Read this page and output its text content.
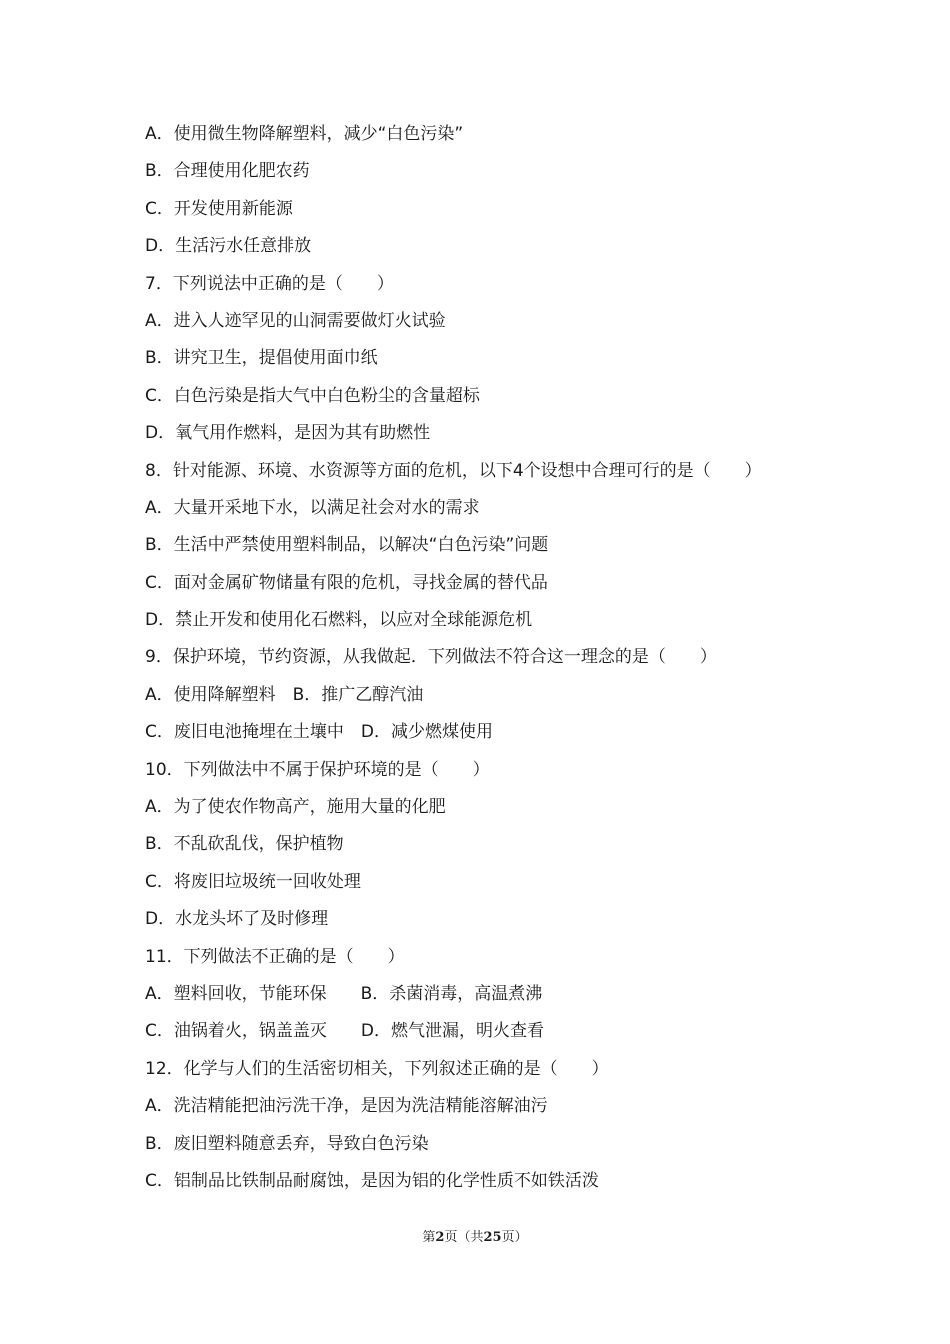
A．使用微生物降解塑料，减少“白色污染”
B．合理使用化肥农药
C．开发使用新能源
D．生活污水任意排放
7．下列说法中正确的是（　　）
A．进入人迹罕见的山洞需要做灯火试验
B．讲究卫生，提倡使用面巾纸
C．白色污染是指大气中白色粉尘的含量超标
D．氧气用作燃料，是因为其有助燃性
8．针对能源、环境、水资源等方面的危机，以下4个设想中合理可行的是（　　）
A．大量开采地下水，以满足社会对水的需求
B．生活中严禁使用塑料制品，以解决“白色污染”问题
C．面对金属矿物储量有限的危机，寻找金属的替代品
D．禁止开发和使用化石燃料，以应对全球能源危机
9．保护环境，节约资源，从我做起．下列做法不符合这一理念的是（　　）
A．使用降解塑料　B．推广乙醇汽油
C．废旧电池掩埋在土壤中　D．减少燃煤使用
10．下列做法中不属于保护环境的是（　　）
A．为了使农作物高产，施用大量的化肥
B．不乱砍乱伐，保护植物
C．将废旧垃圾统一回收处理
D．水龙头坏了及时修理
11．下列做法不正确的是（　　）
A．塑料回收，节能环保　　B．杀菌消毒，高温煮沸
C．油锅着火，锅盖盖灭　　D．燃气泄漏，明火查看
12．化学与人们的生活密切相关，下列叙述正确的是（　　）
A．洗洁精能把油污洗干净，是因为洗洁精能溶解油污
B．废旧塑料随意丢弃，导致白色污染
C．铝制品比铁制品耐腐蚀，是因为铝的化学性质不如铁活泼
第2页（共25页）
